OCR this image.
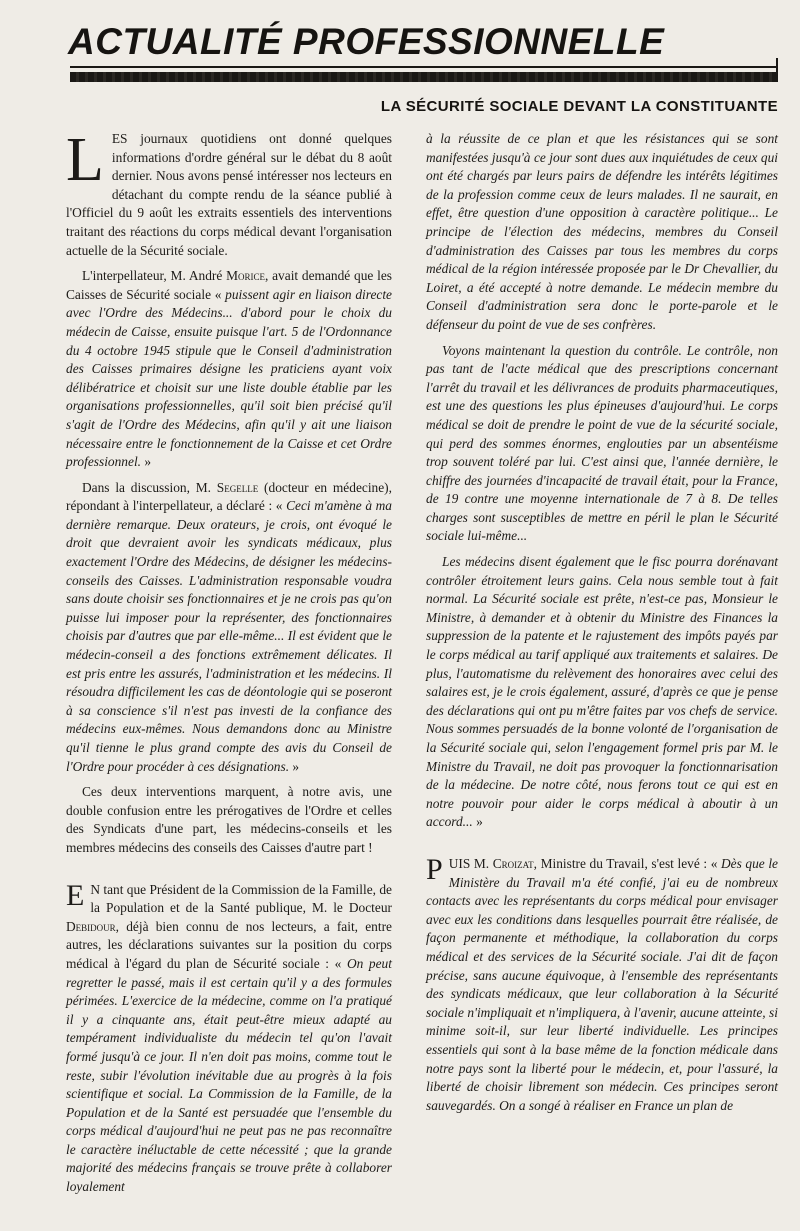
ACTUALITÉ PROFESSIONNELLE
LA SÉCURITÉ SOCIALE DEVANT LA CONSTITUANTE

LES journaux quotidiens ont donné quelques informations d'ordre général sur le débat du 8 août dernier. Nous avons pensé intéresser nos lecteurs en détachant du compte rendu de la séance publié à l'Officiel du 9 août les extraits essentiels des interventions traitant des réactions du corps médical devant l'organisation actuelle de la Sécurité sociale.

L'interpellateur, M. André Morice, avait demandé que les Caisses de Sécurité sociale « puissent agir en liaison directe avec l'Ordre des Médecins... d'abord pour le choix du médecin de Caisse, ensuite puisque l'art. 5 de l'Ordonnance du 4 octobre 1945 stipule que le Conseil d'administration des Caisses primaires désigne les praticiens ayant voix délibératrice et choisit sur une liste double établie par les organisations professionnelles, qu'il soit bien précisé qu'il s'agit de l'Ordre des Médecins, afin qu'il y ait une liaison nécessaire entre le fonctionnement de la Caisse et cet Ordre professionnel. »

Dans la discussion, M. Segelle (docteur en médecine), répondant à l'interpellateur, a déclaré : « Ceci m'amène à ma dernière remarque. Deux orateurs, je crois, ont évoqué le droit que devraient avoir les syndicats médicaux, plus exactement l'Ordre des Médecins, de désigner les médecins-conseils des Caisses. L'administration responsable voudra sans doute choisir ses fonctionnaires et je ne crois pas qu'on puisse lui imposer pour la représenter, des fonctionnaires choisis par d'autres que par elle-même... Il est évident que le médecin-conseil a des fonctions extrêmement délicates. Il est pris entre les assurés, l'administration et les médecins. Il résoudra difficilement les cas de déontologie qui se poseront à sa conscience s'il n'est pas investi de la confiance des médecins eux-mêmes. Nous demandons donc au Ministre qu'il tienne le plus grand compte des avis du Conseil de l'Ordre pour procéder à ces désignations. »

Ces deux interventions marquent, à notre avis, une double confusion entre les prérogatives de l'Ordre et celles des Syndicats d'une part, les médecins-conseils et les membres médecins des conseils des Caisses d'autre part !

E N tant que Président de la Commission de la Famille, de la Population et de la Santé publique, M. le Docteur Debidour, déjà bien connu de nos lecteurs, a fait, entre autres, les déclarations suivantes sur la position du corps médical à l'égard du plan de Sécurité sociale : « On peut regretter le passé, mais il est certain qu'il y a des formules périmées. L'exercice de la médecine, comme on l'a pratiqué il y a cinquante ans, était peut-être mieux adapté au tempérament individualiste du médecin tel qu'on l'avait formé jusqu'à ce jour. Il n'en doit pas moins, comme tout le reste, subir l'évolution inévitable due au progrès à la fois scientifique et social. La Commission de la Famille, de la Population et de la Santé est persuadée que l'ensemble du corps médical d'aujourd'hui ne peut pas ne pas reconnaître le caractère inéluctable de cette nécessité ; que la grande majorité des médecins français se trouve prête à collaborer loyalement

à la réussite de ce plan et que les résistances qui se sont manifestées jusqu'à ce jour sont dues aux inquiétudes de ceux qui ont été chargés par leurs pairs de défendre les intérêts légitimes de la profession comme ceux de leurs malades. Il ne saurait, en effet, être question d'une opposition à caractère politique... Le principe de l'élection des médecins, membres du Conseil d'administration des Caisses par tous les membres du corps médical de la région intéressée proposée par le Dr Chevallier, du Loiret, a été accepté à notre demande. Le médecin membre du Conseil d'administration sera donc le porte-parole et le défenseur du point de vue de ses confrères.

Voyons maintenant la question du contrôle. Le contrôle, non pas tant de l'acte médical que des prescriptions concernant l'arrêt du travail et les délivrances de produits pharmaceutiques, est une des questions les plus épineuses d'aujourd'hui. Le corps médical se doit de prendre le point de vue de la sécurité sociale, qui perd des sommes énormes, englouties par un absentéisme trop souvent toléré par lui. C'est ainsi que, l'année dernière, le chiffre des journées d'incapacité de travail était, pour la France, de 19 contre une moyenne internationale de 7 à 8. De telles charges sont susceptibles de mettre en péril le plan le Sécurité sociale lui-même...

Les médecins disent également que le fisc pourra dorénavant contrôler étroitement leurs gains. Cela nous semble tout à fait normal. La Sécurité sociale est prête, n'est-ce pas, Monsieur le Ministre, à demander et à obtenir du Ministre des Finances la suppression de la patente et le rajustement des impôts payés par le corps médical au tarif appliqué aux traitements et salaires. De plus, l'automatisme du relèvement des honoraires avec celui des salaires est, je le crois également, assuré, d'après ce que je pense des déclarations qui ont pu m'être faites par vos chefs de service. Nous sommes persuadés de la bonne volonté de l'organisation de la Sécurité sociale qui, selon l'engagement formel pris par M. le Ministre du Travail, ne doit pas provoquer la fonctionnarisation de la médecine. De notre côté, nous ferons tout ce qui est en notre pouvoir pour aider le corps médical à aboutir à un accord... »

PUIS M. Croizat, Ministre du Travail, s'est levé : « Dès que le Ministère du Travail m'a été confié, j'ai eu de nombreux contacts avec les représentants du corps médical pour envisager avec eux les conditions dans lesquelles pourrait être réalisée, de façon permanente et méthodique, la collaboration du corps médical et des services de la Sécurité sociale. J'ai dit de façon précise, sans aucune équivoque, à l'ensemble des représentants des syndicats médicaux, que leur collaboration à la Sécurité sociale n'impliquait et n'impliquera, à l'avenir, aucune atteinte, si minime soit-il, sur leur liberté individuelle. Les principes essentiels qui sont à la base même de la fonction médicale dans notre pays sont la liberté pour le médecin, et, pour l'assuré, la liberté de choisir librement son médecin. Ces principes seront sauvegardés. On a songé à réaliser en France un plan de
